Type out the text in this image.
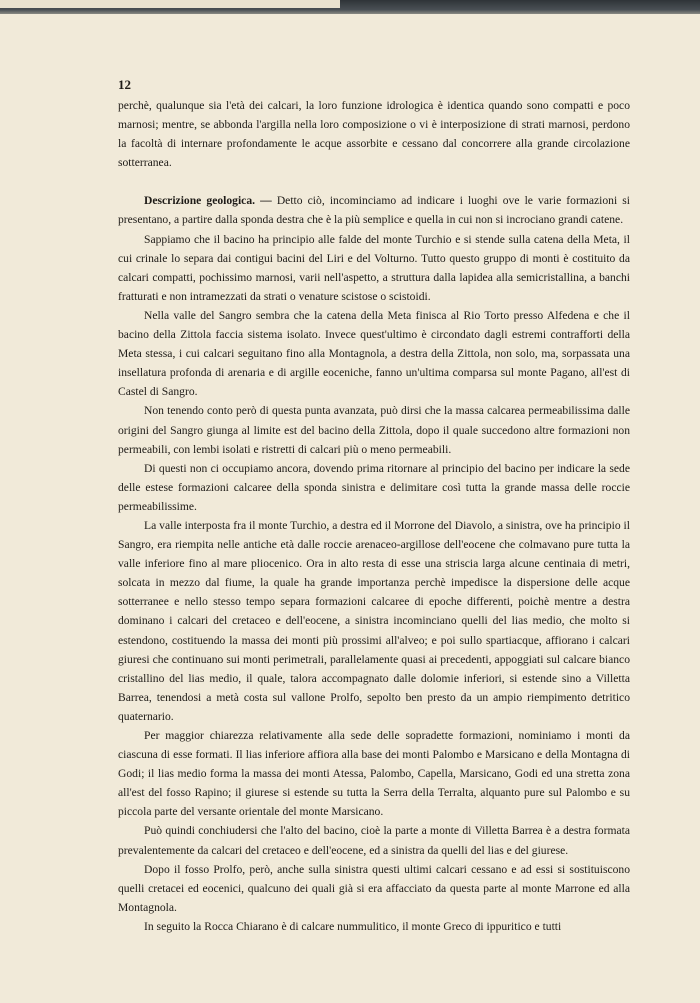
12

perchè, qualunque sia l'età dei calcari, la loro funzione idrologica è identica quando sono compatti e poco marnosi; mentre, se abbonda l'argilla nella loro composizione o vi è interposizione di strati marnosi, perdono la facoltà di internare profondamente le acque assorbite e cessano dal concorrere alla grande circolazione sotterranea.

Descrizione geologica. — Detto ciò, incominciamo ad indicare i luoghi ove le varie formazioni si presentano, a partire dalla sponda destra che è la più semplice e quella in cui non si incrociano grandi catene.

Sappiamo che il bacino ha principio alle falde del monte Turchio e si stende sulla catena della Meta, il cui crinale lo separa dai contigui bacini del Liri e del Volturno. Tutto questo gruppo di monti è costituito da calcari compatti, pochissimo marnosi, varii nell'aspetto, a struttura dalla lapidea alla semicristallina, a banchi fratturati e non intramezzati da strati o venature scistose o scistoidi.

Nella valle del Sangro sembra che la catena della Meta finisca al Rio Torto presso Alfedena e che il bacino della Zittola faccia sistema isolato. Invece quest'ultimo è circondato dagli estremi contrafforti della Meta stessa, i cui calcari seguitano fino alla Montagnola, a destra della Zittola, non solo, ma, sorpassata una insellatura profonda di arenaria e di argille eoceniche, fanno un'ultima comparsa sul monte Pagano, all'est di Castel di Sangro.

Non tenendo conto però di questa punta avanzata, può dirsi che la massa calcarea permeabilissima dalle origini del Sangro giunga al limite est del bacino della Zittola, dopo il quale succedono altre formazioni non permeabili, con lembi isolati e ristretti di calcari più o meno permeabili.

Di questi non ci occupiamo ancora, dovendo prima ritornare al principio del bacino per indicare la sede delle estese formazioni calcaree della sponda sinistra e delimitare così tutta la grande massa delle roccie permeabilissime.

La valle interposta fra il monte Turchio, a destra ed il Morrone del Diavolo, a sinistra, ove ha principio il Sangro, era riempita nelle antiche età dalle roccie arenaceo-argillose dell'eocene che colmavano pure tutta la valle inferiore fino al mare pliocenico. Ora in alto resta di esse una striscia larga alcune centinaia di metri, solcata in mezzo dal fiume, la quale ha grande importanza perchè impedisce la dispersione delle acque sotterranee e nello stesso tempo separa formazioni calcaree di epoche differenti, poichè mentre a destra dominano i calcari del cretaceo e dell'eocene, a sinistra incominciano quelli del lias medio, che molto si estendono, costituendo la massa dei monti più prossimi all'alveo; e poi sullo spartiacque, affiorano i calcari giuresi che continuano sui monti perimetrali, parallelamente quasi ai precedenti, appoggiati sul calcare bianco cristallino del lias medio, il quale, talora accompagnato dalle dolomie inferiori, si estende sino a Villetta Barrea, tenendosi a metà costa sul vallone Prolfo, sepolto ben presto da un ampio riempimento detritico quaternario.

Per maggior chiarezza relativamente alla sede delle sopradette formazioni, nominiamo i monti da ciascuna di esse formati. Il lias inferiore affiora alla base dei monti Palombo e Marsicano e della Montagna di Godi; il lias medio forma la massa dei monti Atessa, Palombo, Capella, Marsicano, Godi ed una stretta zona all'est del fosso Rapino; il giurese si estende su tutta la Serra della Terralta, alquanto pure sul Palombo e su piccola parte del versante orientale del monte Marsicano.

Può quindi conchiudersi che l'alto del bacino, cioè la parte a monte di Villetta Barrea è a destra formata prevalentemente da calcari del cretaceo e dell'eocene, ed a sinistra da quelli del lias e del giurese.

Dopo il fosso Prolfo, però, anche sulla sinistra questi ultimi calcari cessano e ad essi si sostituiscono quelli cretacei ed eocenici, qualcuno dei quali già si era affacciato da questa parte al monte Marrone ed alla Montagnola.

In seguito la Rocca Chiarano è di calcare nummulitico, il monte Greco di ippuritico e tutti
